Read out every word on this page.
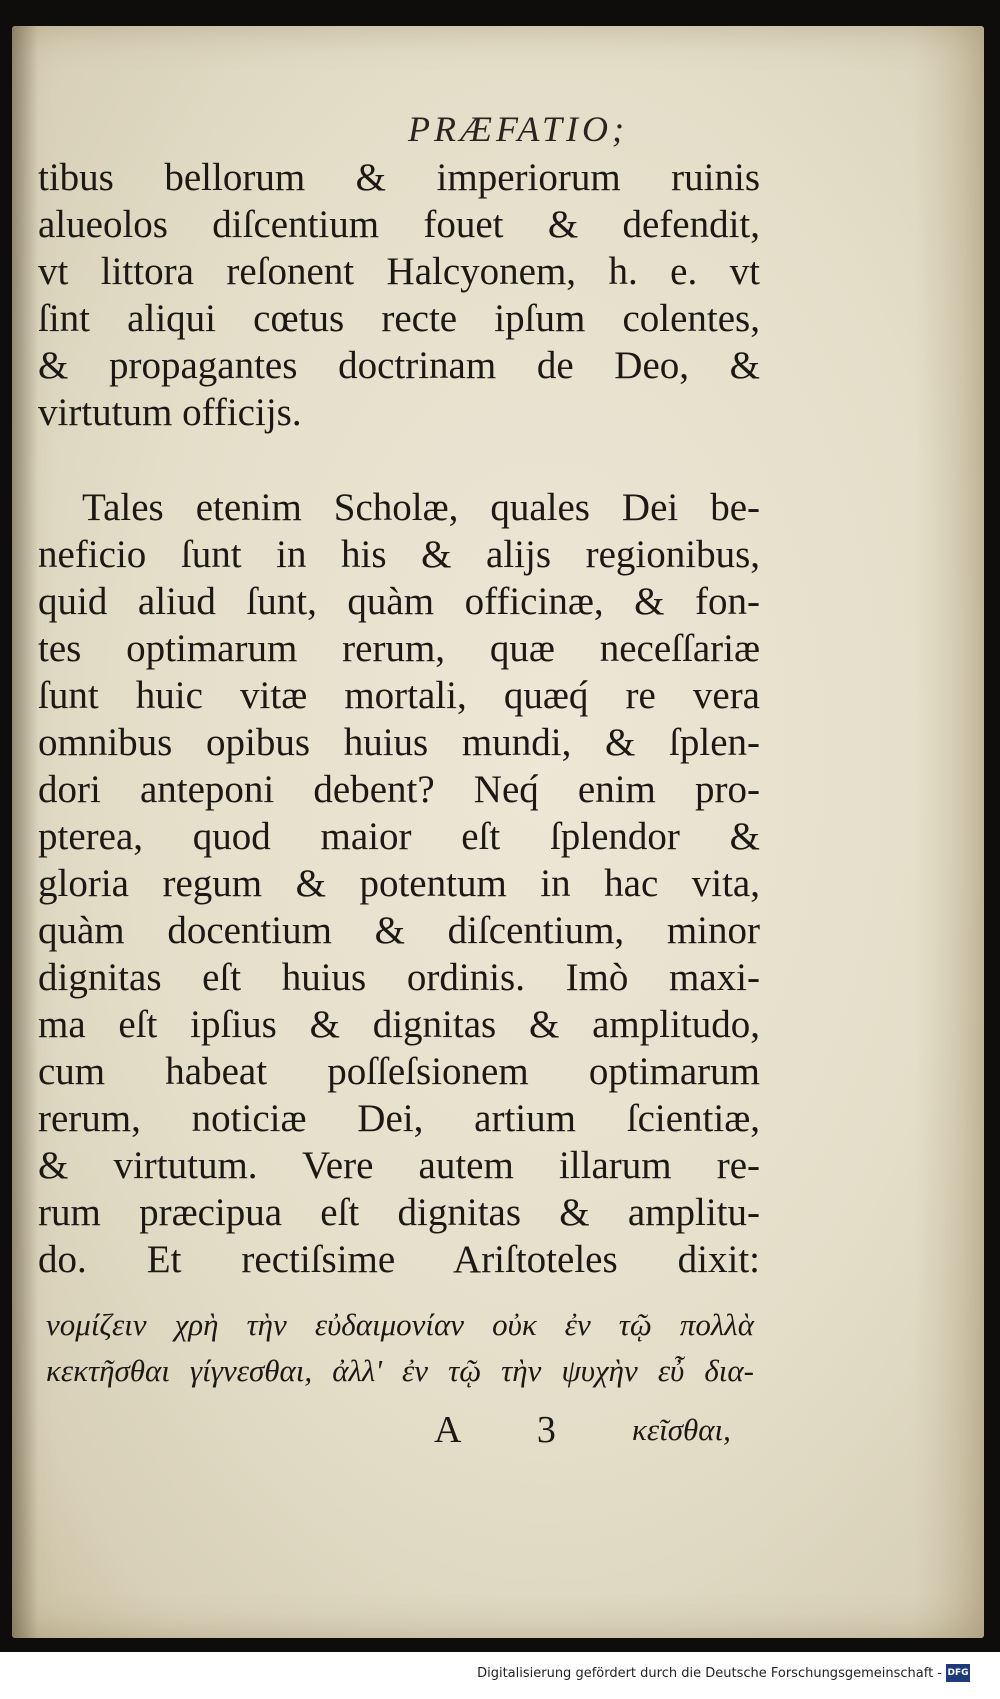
PRÆFATIO;
tibus bellorum & imperiorum ruinis
alueolos diſcentium fouet & defendit,
vt littora reſonent Halcyonem, h. e. vt
ſint aliqui cœtus recte ipſum colentes,
& propagantes doctrinam de Deo, &
virtutum officijs.
Tales etenim Scholæ, quales Dei be-
neficio ſunt in his & alijs regionibus,
quid aliud ſunt, quàm officinæ, & fon-
tes optimarum rerum, quæ neceſſariæ
ſunt huic vitæ mortali, quæq́ re vera
omnibus opibus huius mundi, & ſplen-
dori anteponi debent? Neq́ enim pro-
pterea, quod maior eſt ſplendor &
gloria regum & potentum in hac vita,
quàm docentium & diſcentium, minor
dignitas eſt huius ordinis. Imò maxi-
ma eſt ipſius & dignitas & amplitudo,
cum habeat poſſeſsionem optimarum
rerum, noticiæ Dei, artium ſcientiæ,
& virtutum. Vere autem illarum re-
rum præcipua eſt dignitas & amplitu-
do. Et rectiſsime Ariſtoteles dixit:
νομίζειν χρὴ τὴν εὐδαιμονίαν οὐκ ἐν τῷ πολλὰ
κεκτῆσθαι γίγνεσθαι, ἀλλ' ἐν τῷ τὴν ψυχὴν εὖ δια-
A 3 κεῖσθαι,
Digitalisierung gefördert durch die Deutsche Forschungsgemeinschaft - DFG
